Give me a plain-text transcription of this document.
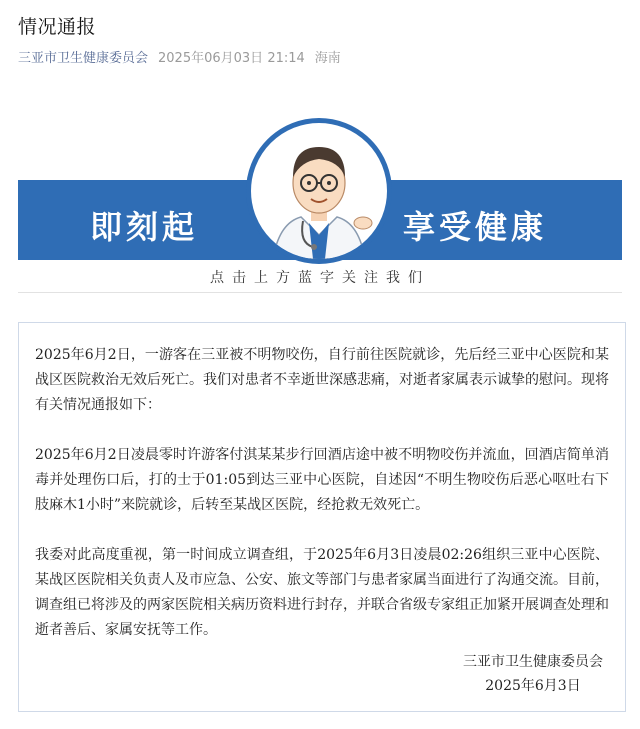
情况通报
三亚市卫生健康委员会 2025年06月03日 21:14 海南
即刻起	享受健康
点击上方蓝字关注我们

2025年6月2日，一游客在三亚被不明物咬伤，自行前往医院就诊，先后经三亚中心医院和某战区医院救治无效后死亡。我们对患者不幸逝世深感悲痛，对逝者家属表示诚挚的慰问。现将有关情况通报如下：

2025年6月2日凌晨零时许游客付淇某某步行回酒店途中被不明物咬伤并流血，回酒店简单消毒并处理伤口后，打的士于01:05到达三亚中心医院，自述因“不明生物咬伤后恶心呕吐右下肢麻木1小时”来院就诊，后转至某战区医院，经抢救无效死亡。

我委对此高度重视，第一时间成立调查组，于2025年6月3日凌晨02:26组织三亚中心医院、某战区医院相关负责人及市应急、公安、旅文等部门与患者家属当面进行了沟通交流。目前，调查组已将涉及的两家医院相关病历资料进行封存，并联合省级专家组正加紧开展调查处理和逝者善后、家属安抚等工作。

三亚市卫生健康委员会
2025年6月3日
